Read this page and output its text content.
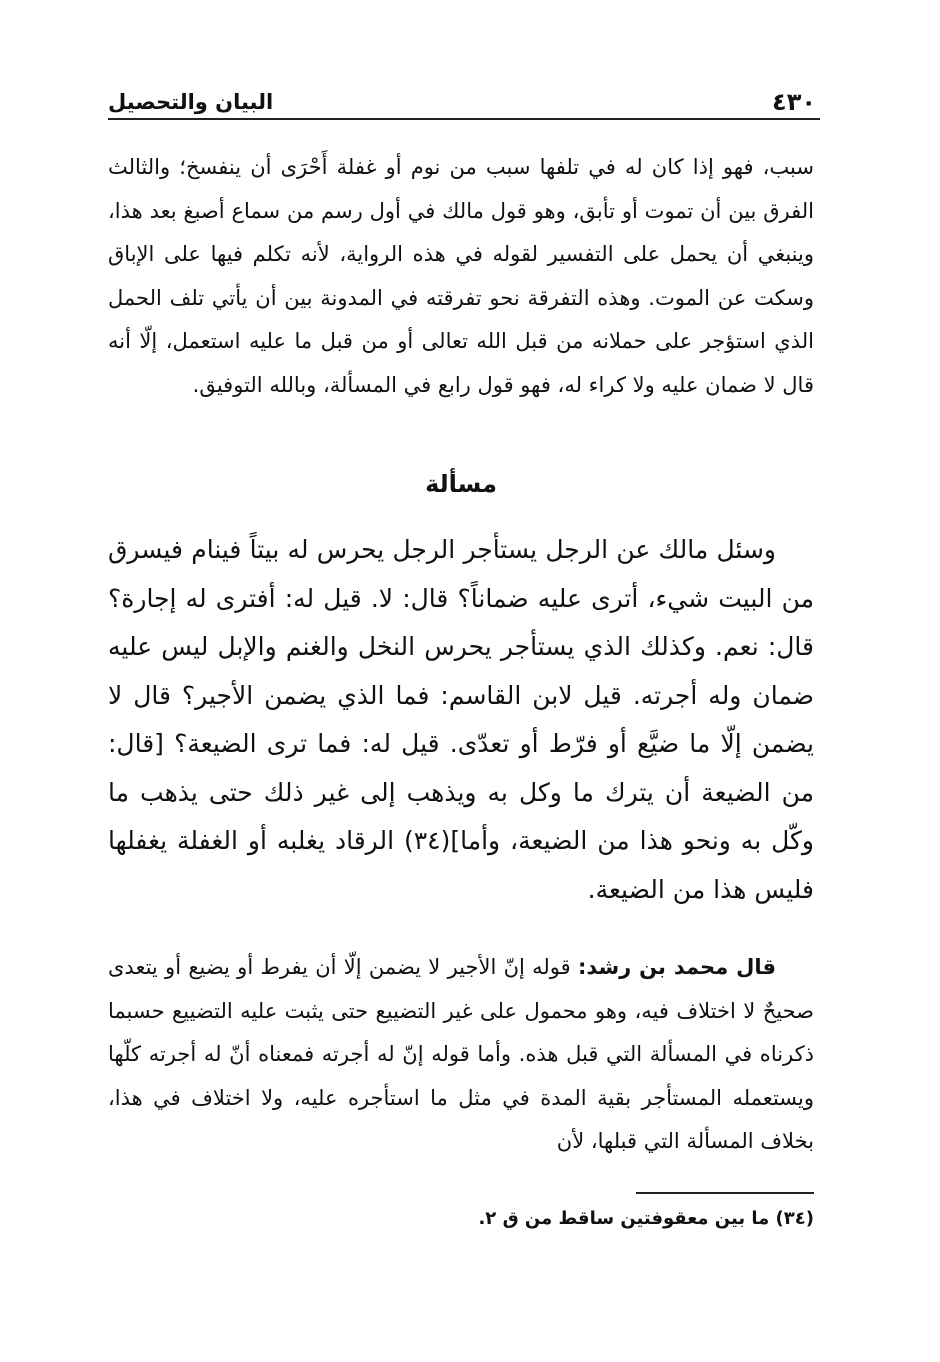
٤٣٠
البيان والتحصيل

سبب، فهو إذا كان له في تلفها سبب من نوم أو غفلة أَحْرَى أن ينفسخ؛ والثالث الفرق بين أن تموت أو تأبق، وهو قول مالك في أول رسم من سماع أصبغ بعد هذا، وينبغي أن يحمل على التفسير لقوله في هذه الرواية، لأنه تكلم فيها على الإباق وسكت عن الموت. وهذه التفرقة نحو تفرقته في المدونة بين أن يأتي تلف الحمل الذي استؤجر على حملانه من قبل الله تعالى أو من قبل ما عليه استعمل، إلّا أنه قال لا ضمان عليه ولا كراء له، فهو قول رابع في المسألة، وبالله التوفيق.

مسألة

وسئل مالك عن الرجل يستأجر الرجل يحرس له بيتاً فينام فيسرق من البيت شيء، أترى عليه ضماناً؟ قال: لا. قيل له: أفترى له إجارة؟ قال: نعم. وكذلك الذي يستأجر يحرس النخل والغنم والإبل ليس عليه ضمان وله أجرته. قيل لابن القاسم: فما الذي يضمن الأجير؟ قال لا يضمن إلّا ما ضيَّع أو فرّط أو تعدّى. قيل له: فما ترى الضيعة؟ [قال: من الضيعة أن يترك ما وكل به ويذهب إلى غير ذلك حتى يذهب ما وكّل به ونحو هذا من الضيعة، وأما](٣٤) الرقاد يغلبه أو الغفلة يغفلها فليس هذا من الضيعة.

قال محمد بن رشد: قوله إنّ الأجير لا يضمن إلّا أن يفرط أو يضيع أو يتعدى صحيحٌ لا اختلاف فيه، وهو محمول على غير التضييع حتى يثبت عليه التضييع حسبما ذكرناه في المسألة التي قبل هذه. وأما قوله إنّ له أجرته فمعناه أنّ له أجرته كلّها ويستعمله المستأجر بقية المدة في مثل ما استأجره عليه، ولا اختلاف في هذا، بخلاف المسألة التي قبلها، لأن

(٣٤) ما بين معقوفتين ساقط من ق ٢.
